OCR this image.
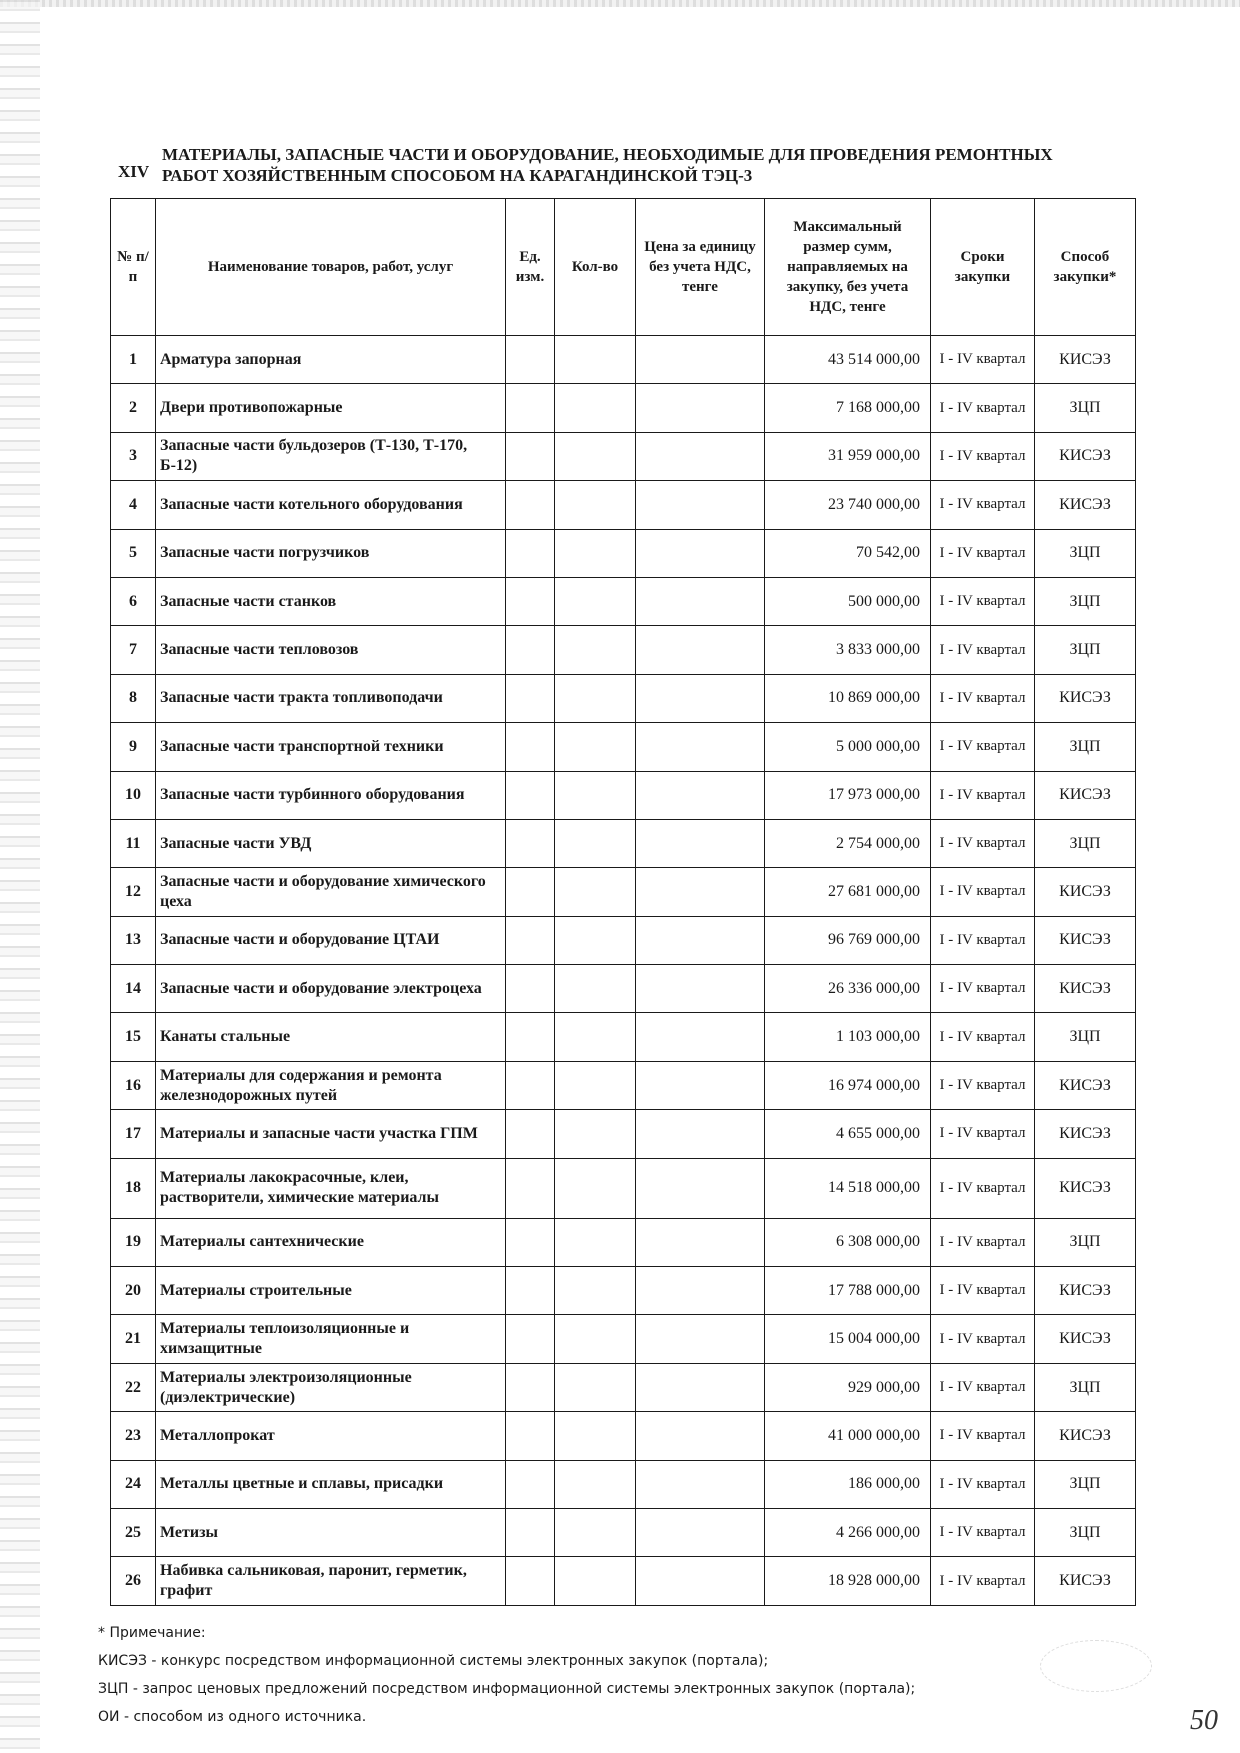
XIV
МАТЕРИАЛЫ, ЗАПАСНЫЕ ЧАСТИ И ОБОРУДОВАНИЕ, НЕОБХОДИМЫЕ ДЛЯ ПРОВЕДЕНИЯ РЕМОНТНЫХ РАБОТ ХОЗЯЙСТВЕННЫМ СПОСОБОМ НА КАРАГАНДИНСКОЙ ТЭЦ-3
№ п/п	Наименование товаров, работ, услуг	Ед. изм.	Кол-во	Цена за единицу без учета НДС, тенге	Максимальный размер сумм, направляемых на закупку, без учета НДС, тенге	Сроки закупки	Способ закупки*
1	Арматура запорная				43 514 000,00	I - IV квартал	КИСЭЗ
2	Двери противопожарные				7 168 000,00	I - IV квартал	ЗЦП
3	Запасные части бульдозеров (Т-130, Т-170, Б-12)				31 959 000,00	I - IV квартал	КИСЭЗ
4	Запасные части котельного оборудования				23 740 000,00	I - IV квартал	КИСЭЗ
5	Запасные части погрузчиков				70 542,00	I - IV квартал	ЗЦП
6	Запасные части станков				500 000,00	I - IV квартал	ЗЦП
7	Запасные части тепловозов				3 833 000,00	I - IV квартал	ЗЦП
8	Запасные части тракта топливоподачи				10 869 000,00	I - IV квартал	КИСЭЗ
9	Запасные части транспортной техники				5 000 000,00	I - IV квартал	ЗЦП
10	Запасные части турбинного оборудования				17 973 000,00	I - IV квартал	КИСЭЗ
11	Запасные части УВД				2 754 000,00	I - IV квартал	ЗЦП
12	Запасные части и оборудование химического цеха				27 681 000,00	I - IV квартал	КИСЭЗ
13	Запасные части и оборудование ЦТАИ				96 769 000,00	I - IV квартал	КИСЭЗ
14	Запасные части и оборудование электроцеха				26 336 000,00	I - IV квартал	КИСЭЗ
15	Канаты стальные				1 103 000,00	I - IV квартал	ЗЦП
16	Материалы для содержания и ремонта железнодорожных путей				16 974 000,00	I - IV квартал	КИСЭЗ
17	Материалы и запасные части участка ГПМ				4 655 000,00	I - IV квартал	КИСЭЗ
18	Материалы лакокрасочные, клеи, растворители, химические материалы				14 518 000,00	I - IV квартал	КИСЭЗ
19	Материалы сантехнические				6 308 000,00	I - IV квартал	ЗЦП
20	Материалы строительные				17 788 000,00	I - IV квартал	КИСЭЗ
21	Материалы теплоизоляционные и химзащитные				15 004 000,00	I - IV квартал	КИСЭЗ
22	Материалы электроизоляционные (диэлектрические)				929 000,00	I - IV квартал	ЗЦП
23	Металлопрокат				41 000 000,00	I - IV квартал	КИСЭЗ
24	Металлы цветные и сплавы, присадки				186 000,00	I - IV квартал	ЗЦП
25	Метизы				4 266 000,00	I - IV квартал	ЗЦП
26	Набивка сальниковая, паронит, герметик, графит				18 928 000,00	I - IV квартал	КИСЭЗ
* Примечание:
КИСЭЗ - конкурс посредством информационной системы электронных закупок (портала);
ЗЦП - запрос ценовых предложений посредством информационной системы электронных закупок (портала);
ОИ - способом из одного источника.	50
